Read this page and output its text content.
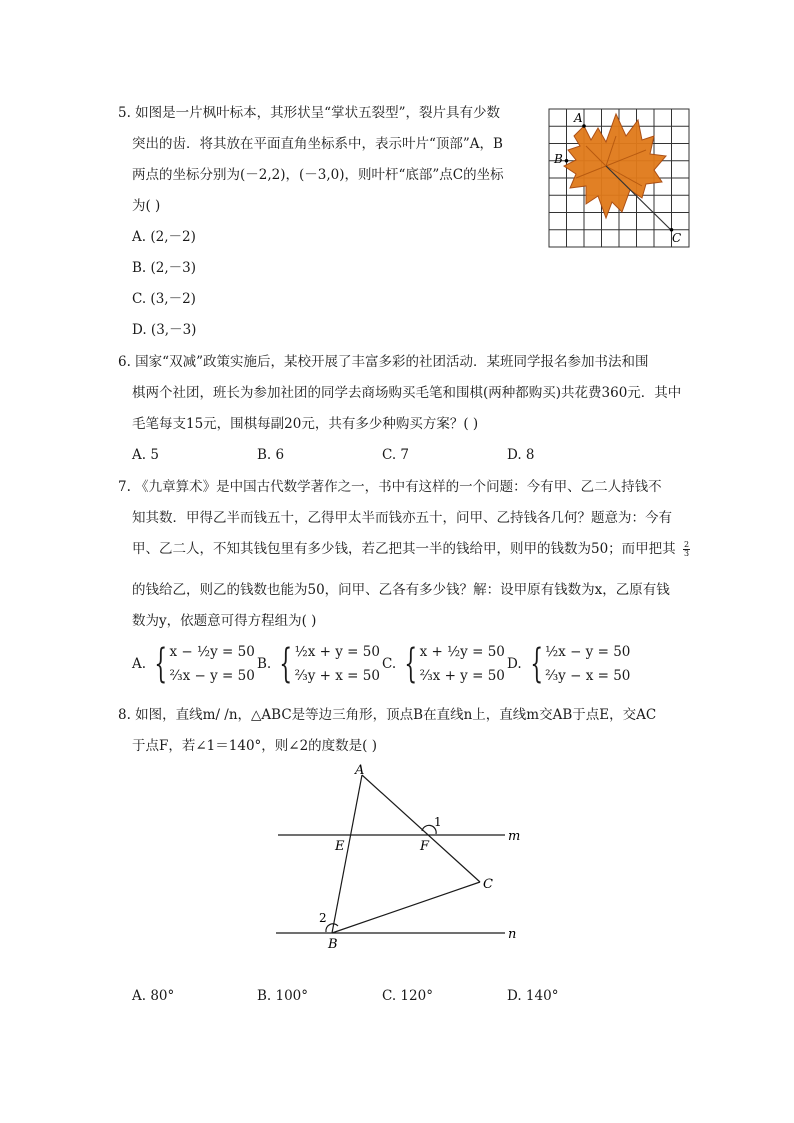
5. 如图是一片枫叶标本，其形状呈“掌状五裂型”，裂片具有少数
突出的齿．将其放在平面直角坐标系中，表示叶片“顶部”A，B
两点的坐标分别为(－2,2)，(－3,0)，则叶杆“底部”点C的坐标
为( )
A
B
C
A. (2,－2)
B. (2,－3)
C. (3,－2)
D. (3,－3)
6. 国家“双减”政策实施后，某校开展了丰富多彩的社团活动．某班同学报名参加书法和围
棋两个社团，班长为参加社团的同学去商场购买毛笔和围棋(两种都购买)共花费360元．其中
毛笔每支15元，围棋每副20元，共有多少种购买方案？( )
A. 5	B. 6	C. 7	D. 8
7. 《九章算术》是中国古代数学著作之一，书中有这样的一个问题：今有甲、乙二人持钱不
知其数．甲得乙半而钱五十，乙得甲太半而钱亦五十，问甲、乙持钱各几何？题意为：今有
甲、乙二人，不知其钱包里有多少钱，若乙把其一半的钱给甲，则甲的钱数为50；而甲把其 $\frac{2}{3}$
的钱给乙，则乙的钱数也能为50，问甲、乙各有多少钱？解：设甲原有钱数为x，乙原有钱
数为y，依题意可得方程组为( )
A. { x − ½y = 50
⅔x − y = 50
B. { ½x + y = 50
⅔y + x = 50
C. { x + ½y = 50
⅔x + y = 50
D. { ½x − y = 50
⅔y − x = 50
8. 如图，直线m/ /n，△ABC是等边三角形，顶点B在直线n上，直线m交AB于点E，交AC
于点F，若∠1＝140°，则∠2的度数是( )
A
E	F
C
B
m
n
1
2
A. 80°	B. 100°	C. 120°	D. 140°
